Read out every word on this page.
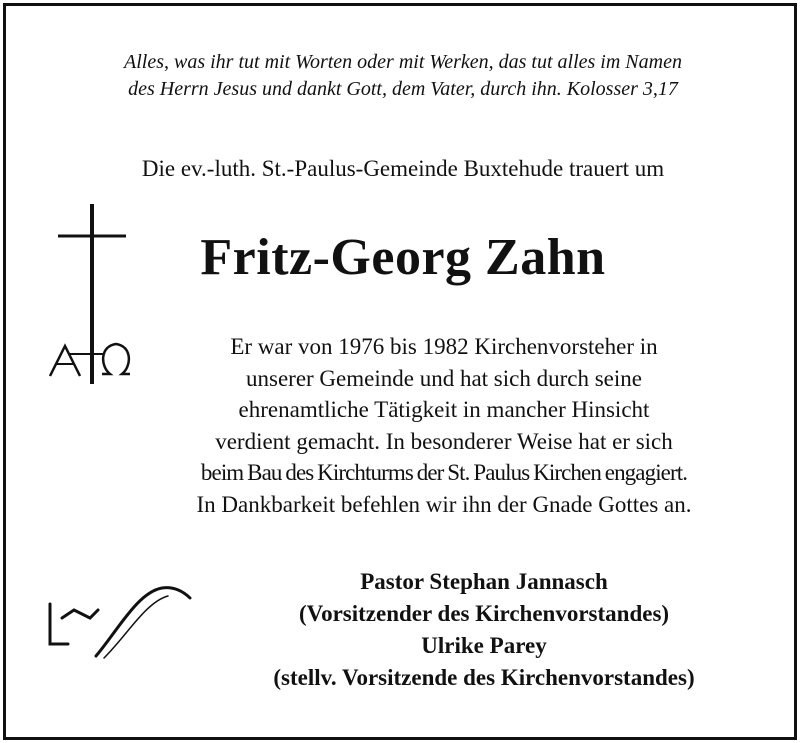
Alles, was ihr tut mit Worten oder mit Werken, das tut alles im Namen
des Herrn Jesus und dankt Gott, dem Vater, durch ihn. Kolosser 3,17
Die ev.-luth. St.-Paulus-Gemeinde Buxtehude trauert um
Fritz-Georg Zahn
Er war von 1976 bis 1982 Kirchenvorsteher in
unserer Gemeinde und hat sich durch seine
ehrenamtliche Tätigkeit in mancher Hinsicht
verdient gemacht. In besonderer Weise hat er sich
beim Bau des Kirchturms der St. Paulus Kirchen engagiert.
In Dankbarkeit befehlen wir ihn der Gnade Gottes an.
Pastor Stephan Jannasch
(Vorsitzender des Kirchenvorstandes)
Ulrike Parey
(stellv. Vorsitzende des Kirchenvorstandes)
